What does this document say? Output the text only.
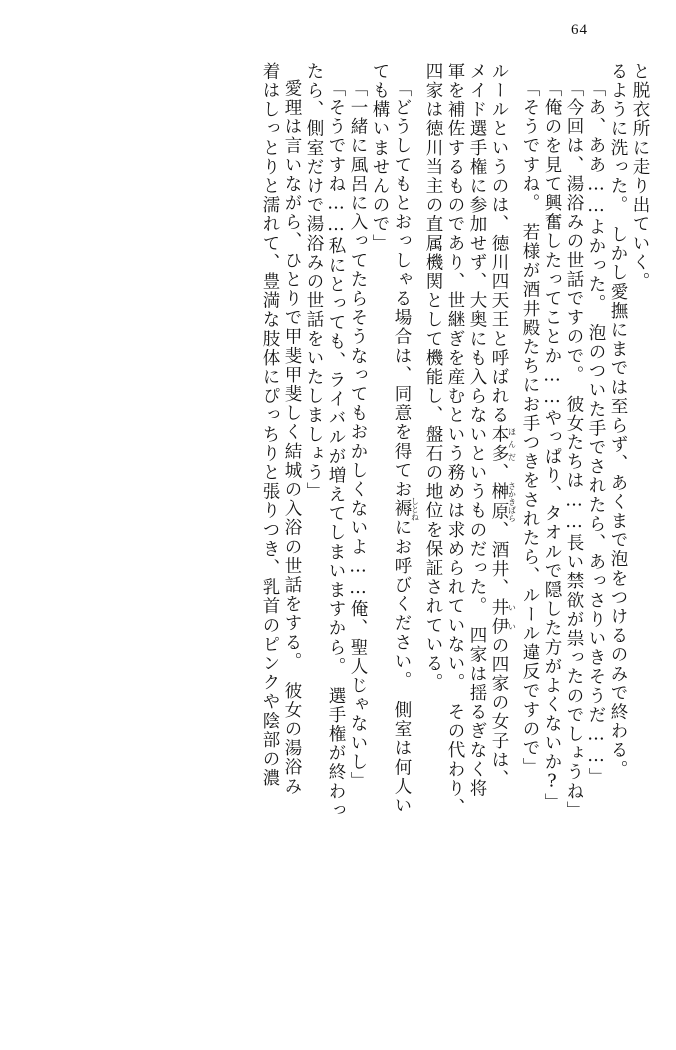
64
と脱衣所に走り出ていく。
るように洗った。　しかし愛撫にまでは至らず、あくまで泡をつけるのみで終わる。
「あ、ああ……よかった。　泡のついた手でされたら、あっさりいきそうだ……」
「今回は、湯浴みの世話ですので。　彼女たちは……長い禁欲が祟ったのでしょうね」
「俺のを見て興奮したってことか……やっぱり、タオルで隠した方がよくないか?」
「そうですね。　若様が酒井殿たちにお手つきをされたら、ルール違反ですので」
ルールというのは、徳川四天王と呼ばれる本多ほんだ、榊原さかきばら、酒井、井伊いいの四家の女子は、
メイド選手権に参加せず、大奥にも入らないというものだった。　四家は揺るぎなく将
軍を補佐するものであり、世継ぎを産むという務めは求められていない。　その代わり、
四家は徳川当主の直属機関として機能し、盤石の地位を保証されている。
「どうしてもとおっしゃる場合は、同意を得てお褥しとねにお呼びください。　側室は何人い
ても構いませんので」
「一緒に風呂に入ってたらそうなってもおかしくないよ……俺、聖人じゃないし」
「そうですね……私にとっても、ライバルが増えてしまいますから。　選手権が終わっ
たら、側室だけで湯浴みの世話をいたしましょう」
愛理は言いながら、ひとりで甲斐甲斐しく結城の入浴の世話をする。　彼女の湯浴み
着はしっとりと濡れて、豊満な肢体にぴっちりと張りつき、乳首のピンクや陰部の濃
